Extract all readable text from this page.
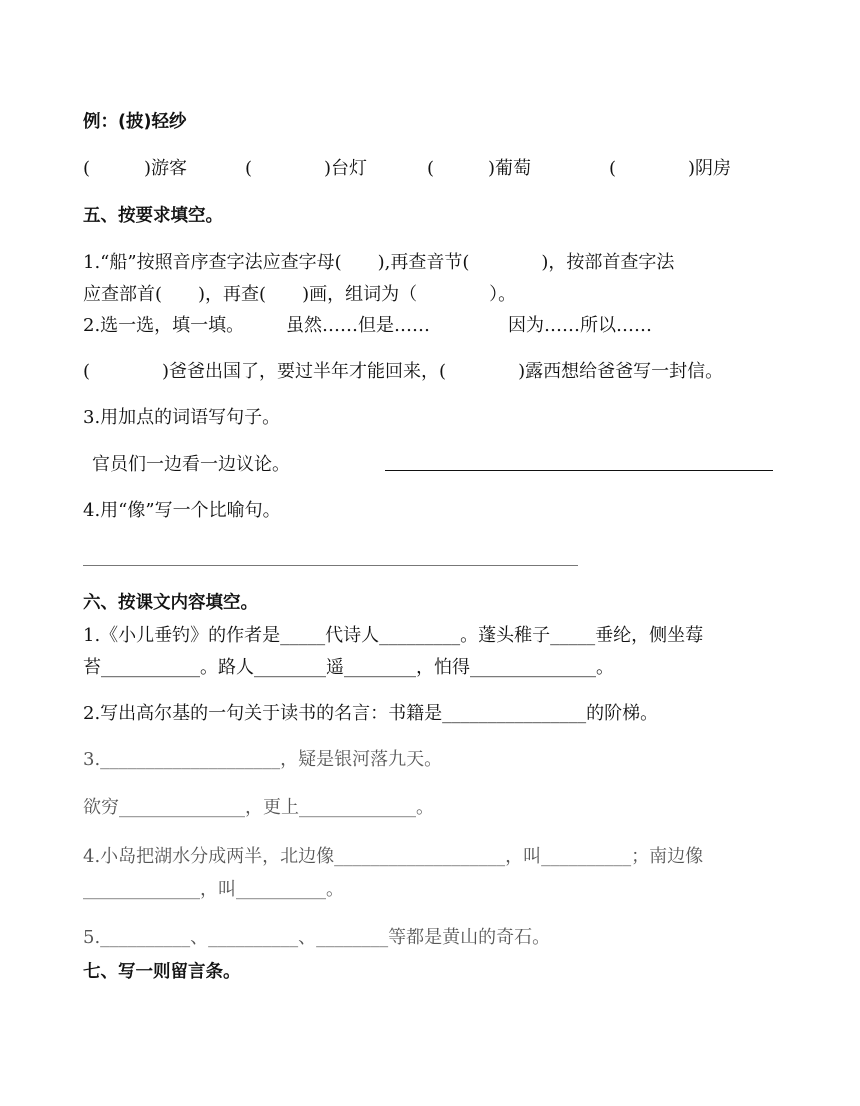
例：(披)轻纱
(　　　)游客	(　　　　)台灯	(　　　)葡萄	(　　　　)阴房
五、按要求填空。
1.“船”按照音序查字法应查字母(　　),再查音节(　　　　)，按部首查字法
应查部首(　　)，再查(　　)画，组词为（　　　　）。
2.选一选，填一填。 虽然……但是……	因为……所以……
(　　　　)爸爸出国了，要过半年才能回来，(　　　　)露西想给爸爸写一封信。
3.用加点的词语写句子。
官员们一边看一边议论。
4.用“像”写一个比喻句。
六、按课文内容填空。
1.《小儿垂钓》的作者是_____代诗人_________。蓬头稚子_____垂纶，侧坐莓
苔___________。路人________遥________，怕得______________。
2.写出高尔基的一句关于读书的名言：书籍是________________的阶梯。
3.____________________，疑是银河落九天。
欲穷______________，更上_____________。
4.小岛把湖水分成两半，北边像___________________，叫__________；南边像
_____________，叫__________。
5.__________、__________、________等都是黄山的奇石。
七、写一则留言条。
